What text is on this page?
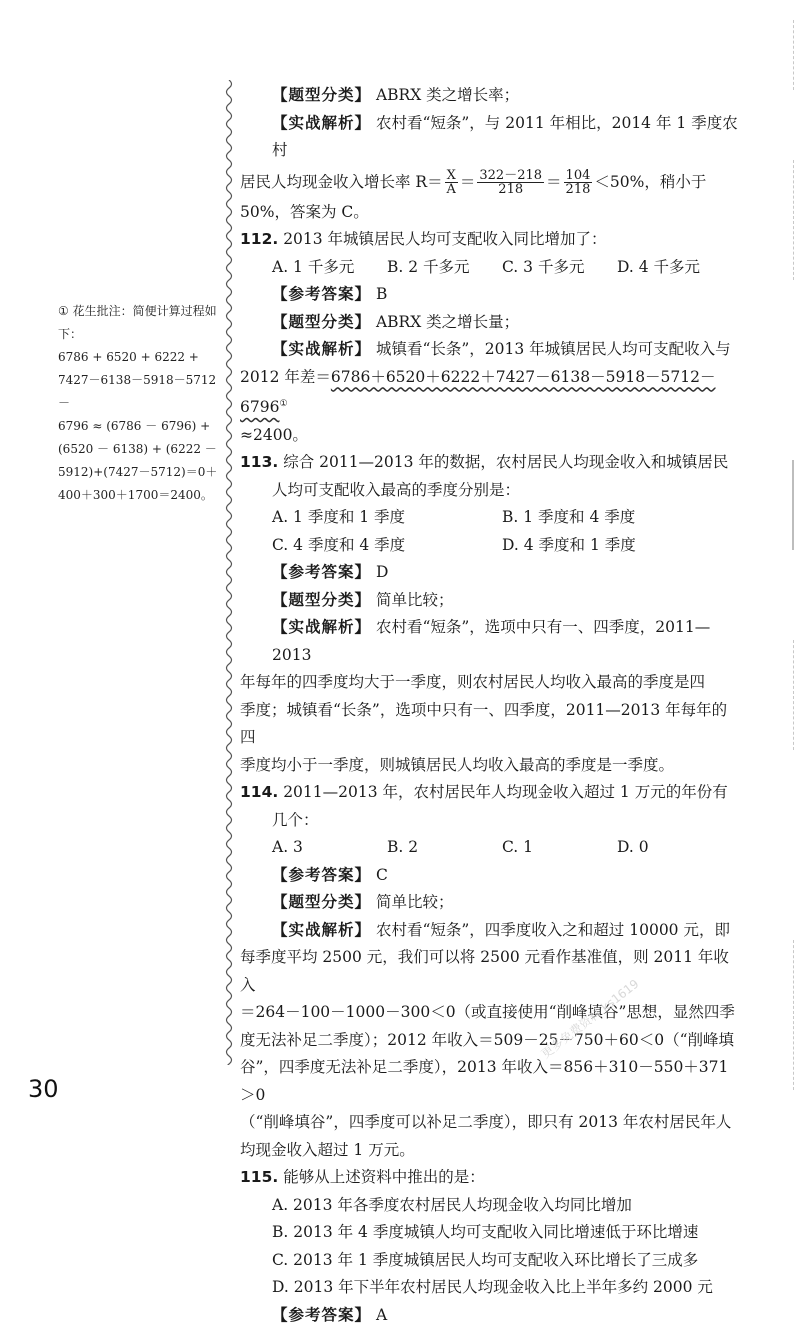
① 花生批注：简便计算过程如下：
6786 + 6520 + 6222 +
7427－6138－5918－5712－
6796 ≈ (6786 － 6796) +
(6520 － 6138) + (6222 －
5912)+(7427－5712)＝0＋
400＋300＋1700＝2400。

【题型分类】 ABRX 类之增长率；

【实战解析】 农村看“短条”，与 2011 年相比，2014 年 1 季度农村

居民人均现金收入增长率 $R= \frac{X}{A} = \frac{322-218}{218} = \frac{104}{218} <50\%$，稍小于

50%，答案为 C。

112. 2013 年城镇居民人均可支配收入同比增加了：

A. 1 千多元	B. 2 千多元	C. 3 千多元	D. 4 千多元

【参考答案】 B

【题型分类】 ABRX 类之增长量；

【实战解析】 城镇看“长条”，2013 年城镇居民人均可支配收入与

2012 年差＝6786＋6520＋6222＋7427－6138－5918－5712－6796①

≈2400。

113. 综合 2011—2013 年的数据，农村居民人均现金收入和城镇居民

人均可支配收入最高的季度分别是：

A. 1 季度和 1 季度	B. 1 季度和 4 季度
C. 4 季度和 4 季度	D. 4 季度和 1 季度

【参考答案】 D

【题型分类】 简单比较；

【实战解析】 农村看“短条”，选项中只有一、四季度，2011—2013

年每年的四季度均大于一季度，则农村居民人均收入最高的季度是四

季度；城镇看“长条”，选项中只有一、四季度，2011—2013 年每年的四

季度均小于一季度，则城镇居民人均收入最高的季度是一季度。

114. 2011—2013 年，农村居民年人均现金收入超过 1 万元的年份有

几个：

A. 3	B. 2	C. 1	D. 0

【参考答案】 C

【题型分类】 简单比较；

【实战解析】 农村看“短条”，四季度收入之和超过 10000 元，即

每季度平均 2500 元，我们可以将 2500 元看作基准值，则 2011 年收入

＝264－100－1000－300＜0（或直接使用“削峰填谷”思想，显然四季

度无法补足二季度）；2012 年收入＝509－25－750＋60＜0（“削峰填

谷”，四季度无法补足二季度），2013 年收入＝856＋310－550＋371＞0

（“削峰填谷”，四季度可以补足二季度），即只有 2013 年农村居民年人

均现金收入超过 1 万元。

115. 能够从上述资料中推出的是：

A. 2013 年各季度农村居民人均现金收入均同比增加

B. 2013 年 4 季度城镇人均可支配收入同比增速低于环比增速

C. 2013 年 1 季度城镇居民人均可支配收入环比增长了三成多

D. 2013 年下半年农村居民人均现金收入比上半年多约 2000 元

【参考答案】 A

更多免费资料 ks1619
30
